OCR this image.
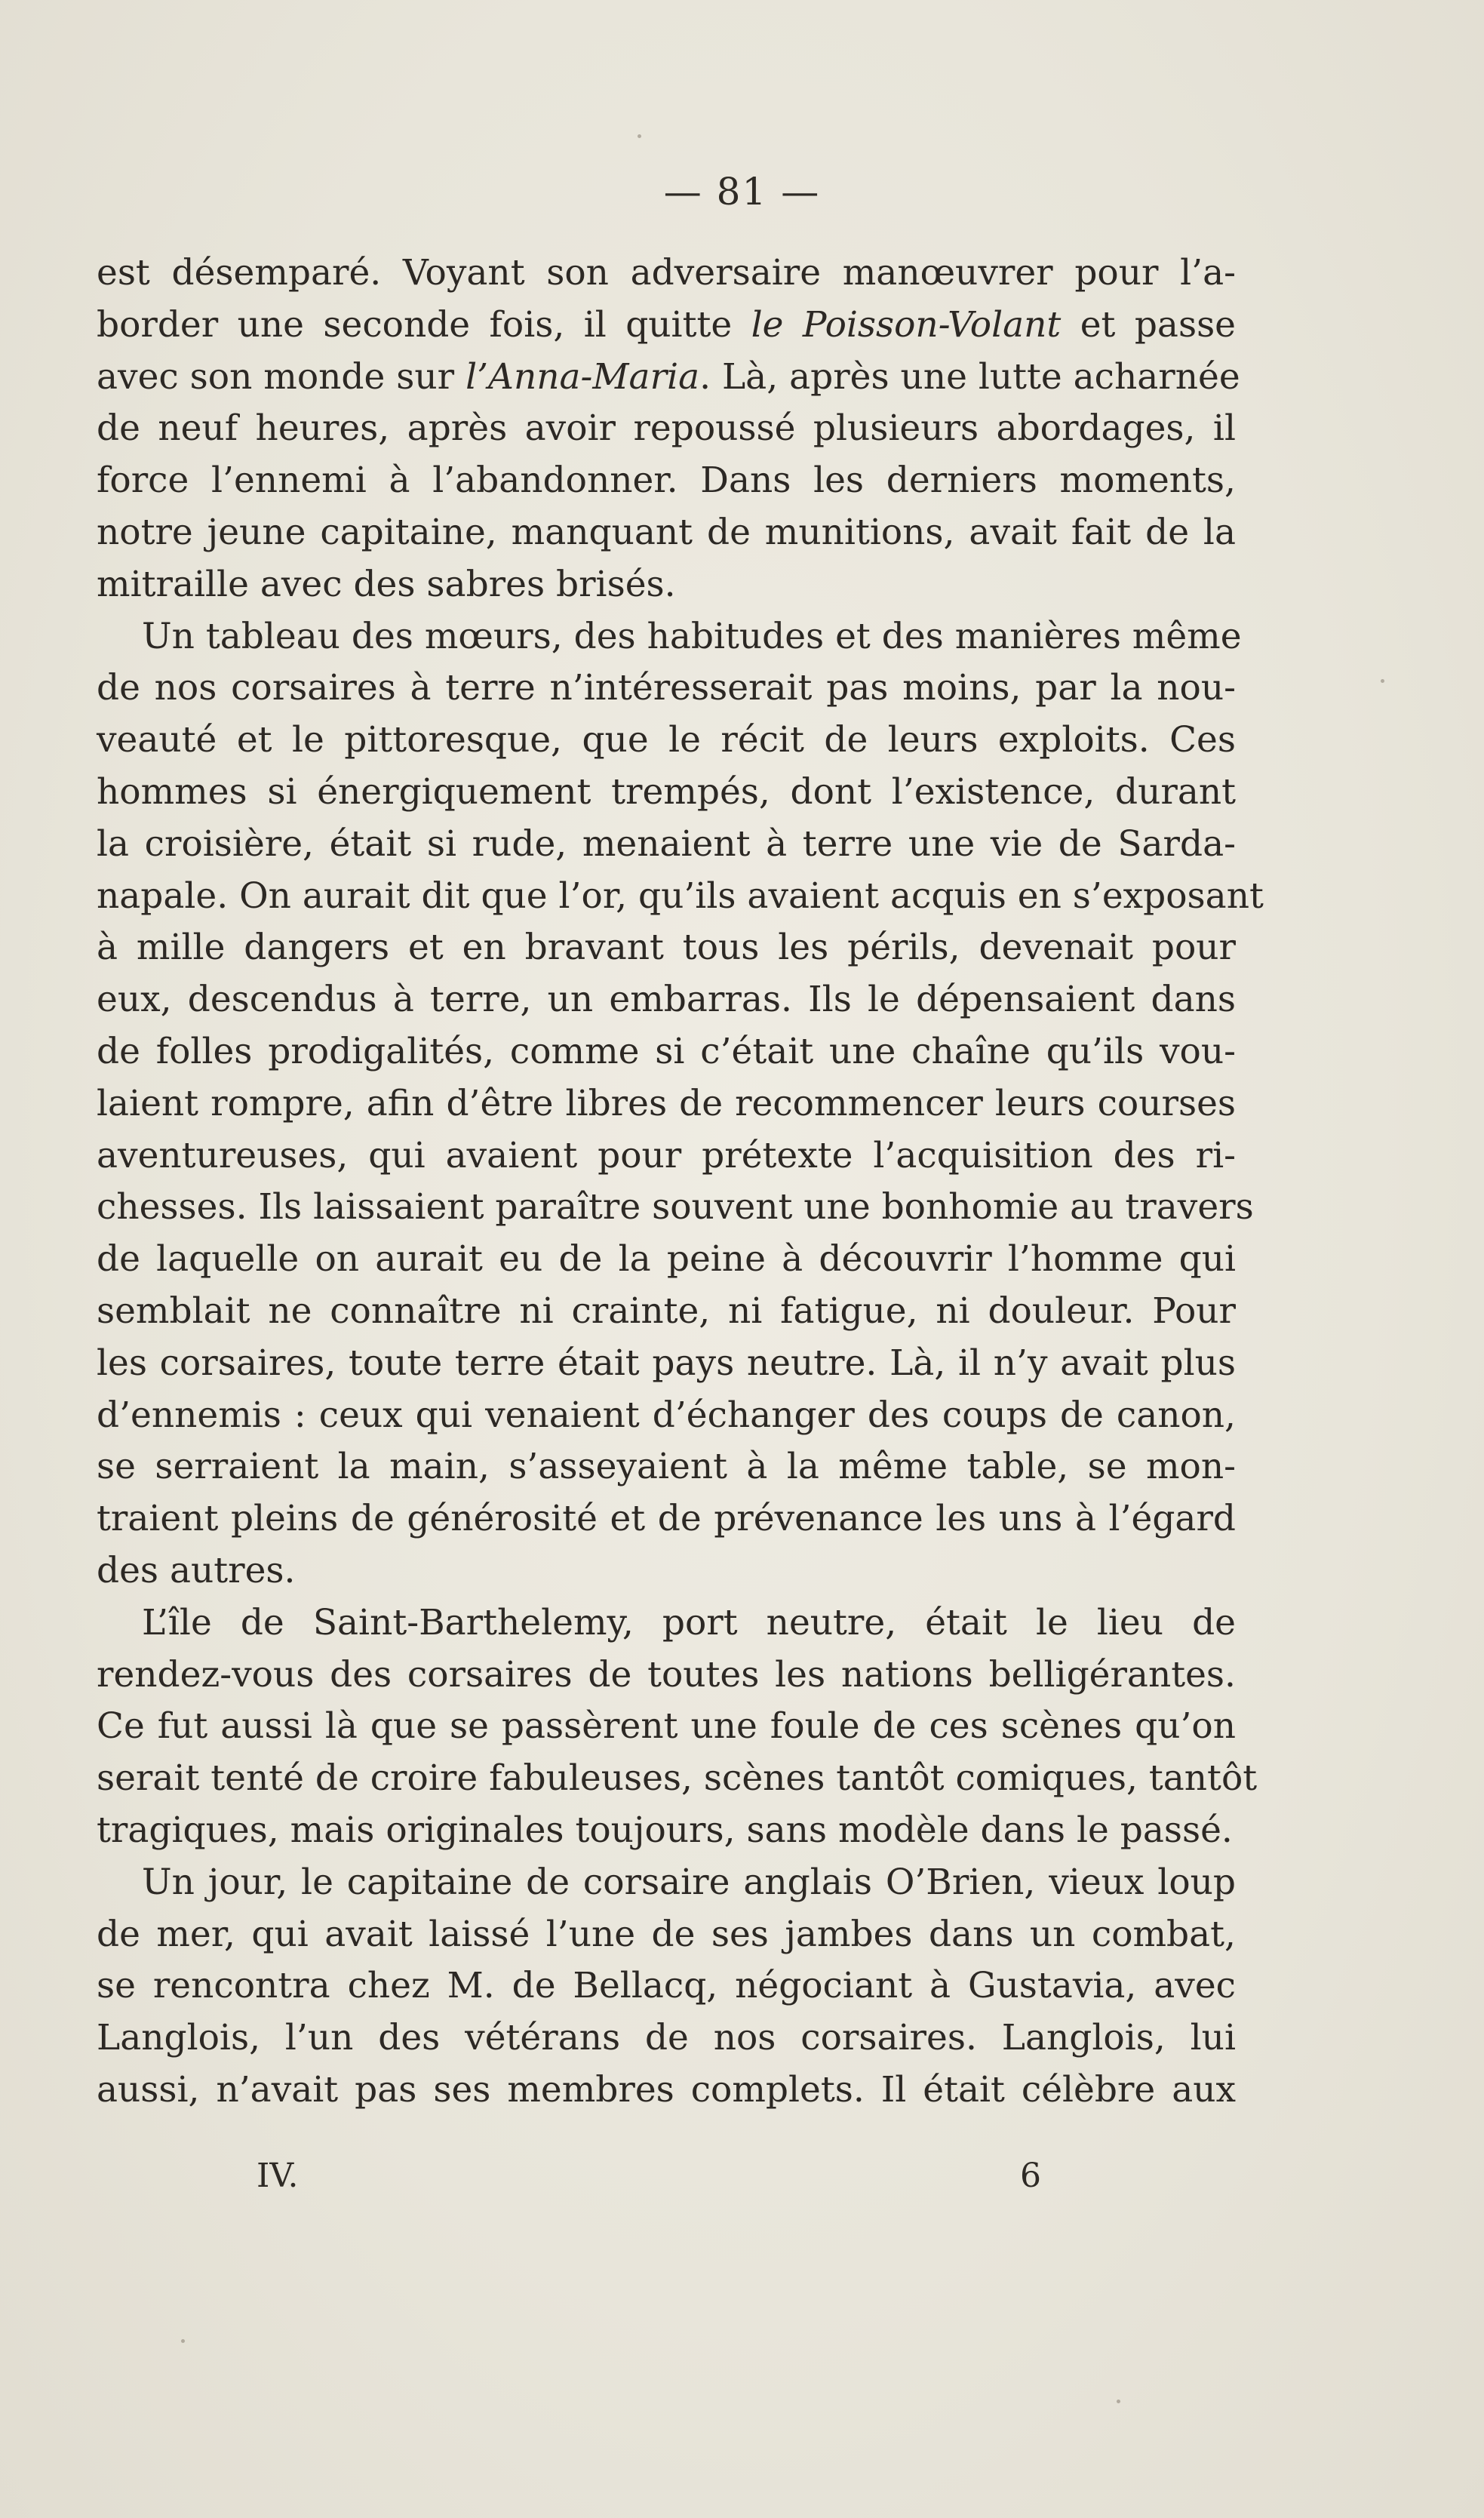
— 81 —
est désemparé. Voyant son adversaire manœuvrer pour l’a-
border une seconde fois, il quitte le Poisson-Volant et passe
avec son monde sur l’Anna-Maria. Là, après une lutte acharnée
de neuf heures, après avoir repoussé plusieurs abordages, il
force l’ennemi à l’abandonner. Dans les derniers moments,
notre jeune capitaine, manquant de munitions, avait fait de la
mitraille avec des sabres brisés.
Un tableau des mœurs, des habitudes et des manières même
de nos corsaires à terre n’intéresserait pas moins, par la nou-
veauté et le pittoresque, que le récit de leurs exploits. Ces
hommes si énergiquement trempés, dont l’existence, durant
la croisière, était si rude, menaient à terre une vie de Sarda-
napale. On aurait dit que l’or, qu’ils avaient acquis en s’exposant
à mille dangers et en bravant tous les périls, devenait pour
eux, descendus à terre, un embarras. Ils le dépensaient dans
de folles prodigalités, comme si c’était une chaîne qu’ils vou-
laient rompre, afin d’être libres de recommencer leurs courses
aventureuses, qui avaient pour prétexte l’acquisition des ri-
chesses. Ils laissaient paraître souvent une bonhomie au travers
de laquelle on aurait eu de la peine à découvrir l’homme qui
semblait ne connaître ni crainte, ni fatigue, ni douleur. Pour
les corsaires, toute terre était pays neutre. Là, il n’y avait plus
d’ennemis : ceux qui venaient d’échanger des coups de canon,
se serraient la main, s’asseyaient à la même table, se mon-
traient pleins de générosité et de prévenance les uns à l’égard
des autres.
L’île de Saint-Barthelemy, port neutre, était le lieu de
rendez-vous des corsaires de toutes les nations belligérantes.
Ce fut aussi là que se passèrent une foule de ces scènes qu’on
serait tenté de croire fabuleuses, scènes tantôt comiques, tantôt
tragiques, mais originales toujours, sans modèle dans le passé.
Un jour, le capitaine de corsaire anglais O’Brien, vieux loup
de mer, qui avait laissé l’une de ses jambes dans un combat,
se rencontra chez M. de Bellacq, négociant à Gustavia, avec
Langlois, l’un des vétérans de nos corsaires. Langlois, lui
aussi, n’avait pas ses membres complets. Il était célèbre aux
IV.	6
